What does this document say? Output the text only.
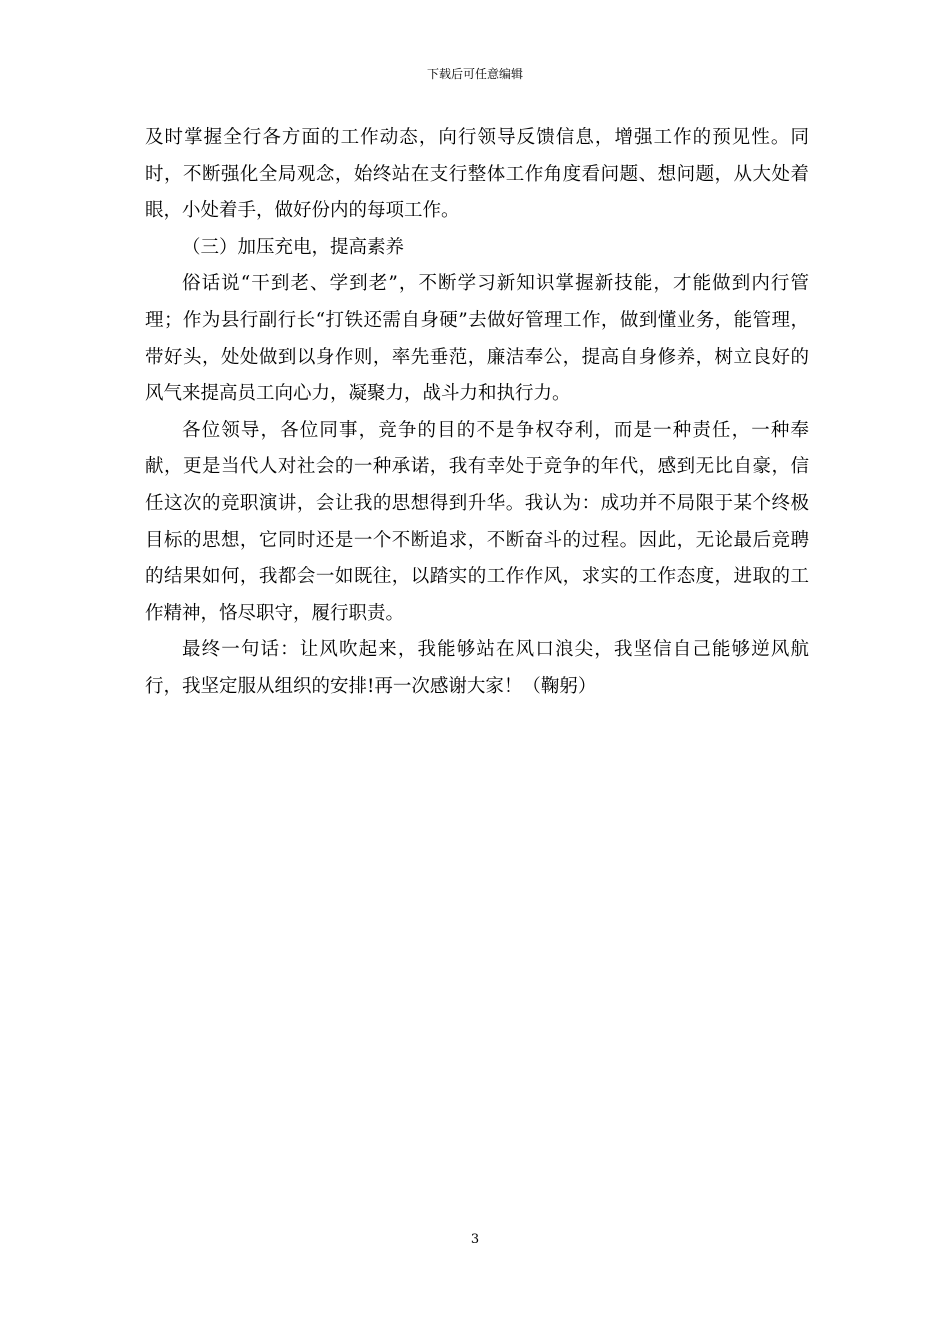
下载后可任意编辑

及时掌握全行各方面的工作动态，向行领导反馈信息，增强工作的预见性。同时，不断强化全局观念，始终站在支行整体工作角度看问题、想问题，从大处着眼，小处着手，做好份内的每项工作。

（三）加压充电，提高素养

俗话说“干到老、学到老”，不断学习新知识掌握新技能，才能做到内行管理；作为县行副行长“打铁还需自身硬”去做好管理工作，做到懂业务，能管理，带好头，处处做到以身作则，率先垂范，廉洁奉公，提高自身修养，树立良好的风气来提高员工向心力，凝聚力，战斗力和执行力。

各位领导，各位同事，竞争的目的不是争权夺利，而是一种责任，一种奉献，更是当代人对社会的一种承诺，我有幸处于竞争的年代，感到无比自豪，信任这次的竞职演讲，会让我的思想得到升华。我认为：成功并不局限于某个终极目标的思想，它同时还是一个不断追求，不断奋斗的过程。因此，无论最后竞聘的结果如何，我都会一如既往，以踏实的工作作风，求实的工作态度，进取的工作精神，恪尽职守，履行职责。

最终一句话：让风吹起来，我能够站在风口浪尖，我坚信自己能够逆风航行，我坚定服从组织的安排!再一次感谢大家！（鞠躬）

3
